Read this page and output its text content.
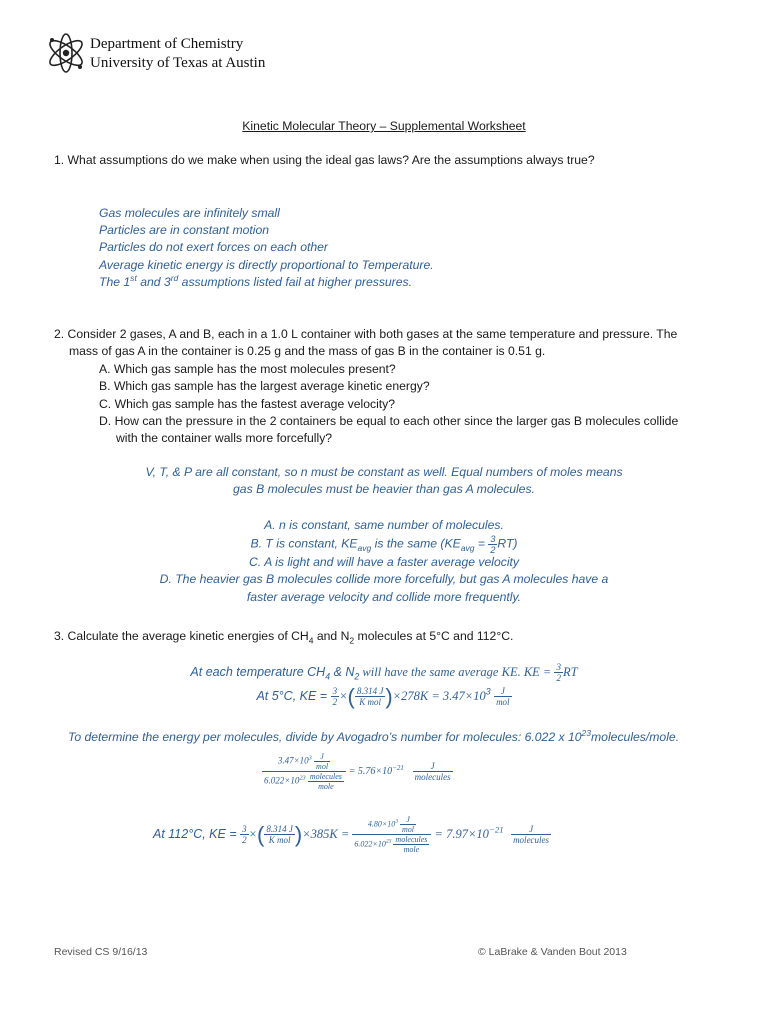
Department of Chemistry
University of Texas at Austin
Kinetic Molecular Theory – Supplemental Worksheet
1. What assumptions do we make when using the ideal gas laws? Are the assumptions always true?
Gas molecules are infinitely small
Particles are in constant motion
Particles do not exert forces on each other
Average kinetic energy is directly proportional to Temperature.
The 1st and 3rd assumptions listed fail at higher pressures.
2. Consider 2 gases, A and B, each in a 1.0 L container with both gases at the same temperature and pressure. The
mass of gas A in the container is 0.25 g and the mass of gas B in the container is 0.51 g.
A. Which gas sample has the most molecules present?
B. Which gas sample has the largest average kinetic energy?
C. Which gas sample has the fastest average velocity?
D. How can the pressure in the 2 containers be equal to each other since the larger gas B molecules collide
with the container walls more forcefully?
V, T, & P are all constant, so n must be constant as well. Equal numbers of moles means
gas B molecules must be heavier than gas A molecules.
A. n is constant, same number of molecules.
B. T is constant, $KE_{avg}$ is the same $(KE_{avg} = \frac{3}{2} RT)$
C. A is light and will have a faster average velocity
D. The heavier gas B molecules collide more forcefully, but gas A molecules have a
faster average velocity and collide more frequently.
3. Calculate the average kinetic energies of $CH_4$ and $N_2$ molecules at 5°C and 112°C.
At each temperature $CH_4$ & $N_2$ will have the same average KE. KE = $\frac{3}{2}$ RT
At 5°C, KE = $\frac{3}{2}$ ×( $\frac{8.314 J}{\text{K mol}} )\times 278K = 3.47\times 10^3 \frac{J}{\text{mol}}$
To determine the energy per molecules, divide by Avogadro’s number for molecules: 6.022 x $10^{23}molecules$/mole.
$\frac{3.47\times 10^3 \frac{J}{\text{mol}}}{6.022\times 10^{23} \frac{\text{molecules}}{\text{mole}}} = 5.76\times 10^{-21} \frac{J}{\text{molecules}}$
At 112°C, KE = $\frac{3}{2}$ ×( $\frac{8.314 J}{\text{K mol}} )\times 385K = \frac{4.80\times 10^3 \frac{J}{\text{mol}}}{6.022\times 10^{23} \frac{\text{molecules}}{\text{mole}}} = 7.97\times 10^{-21} \frac{J}{\text{molecules}}$
Revised CS 9/16/13	© LaBrake & Vanden Bout 2013
